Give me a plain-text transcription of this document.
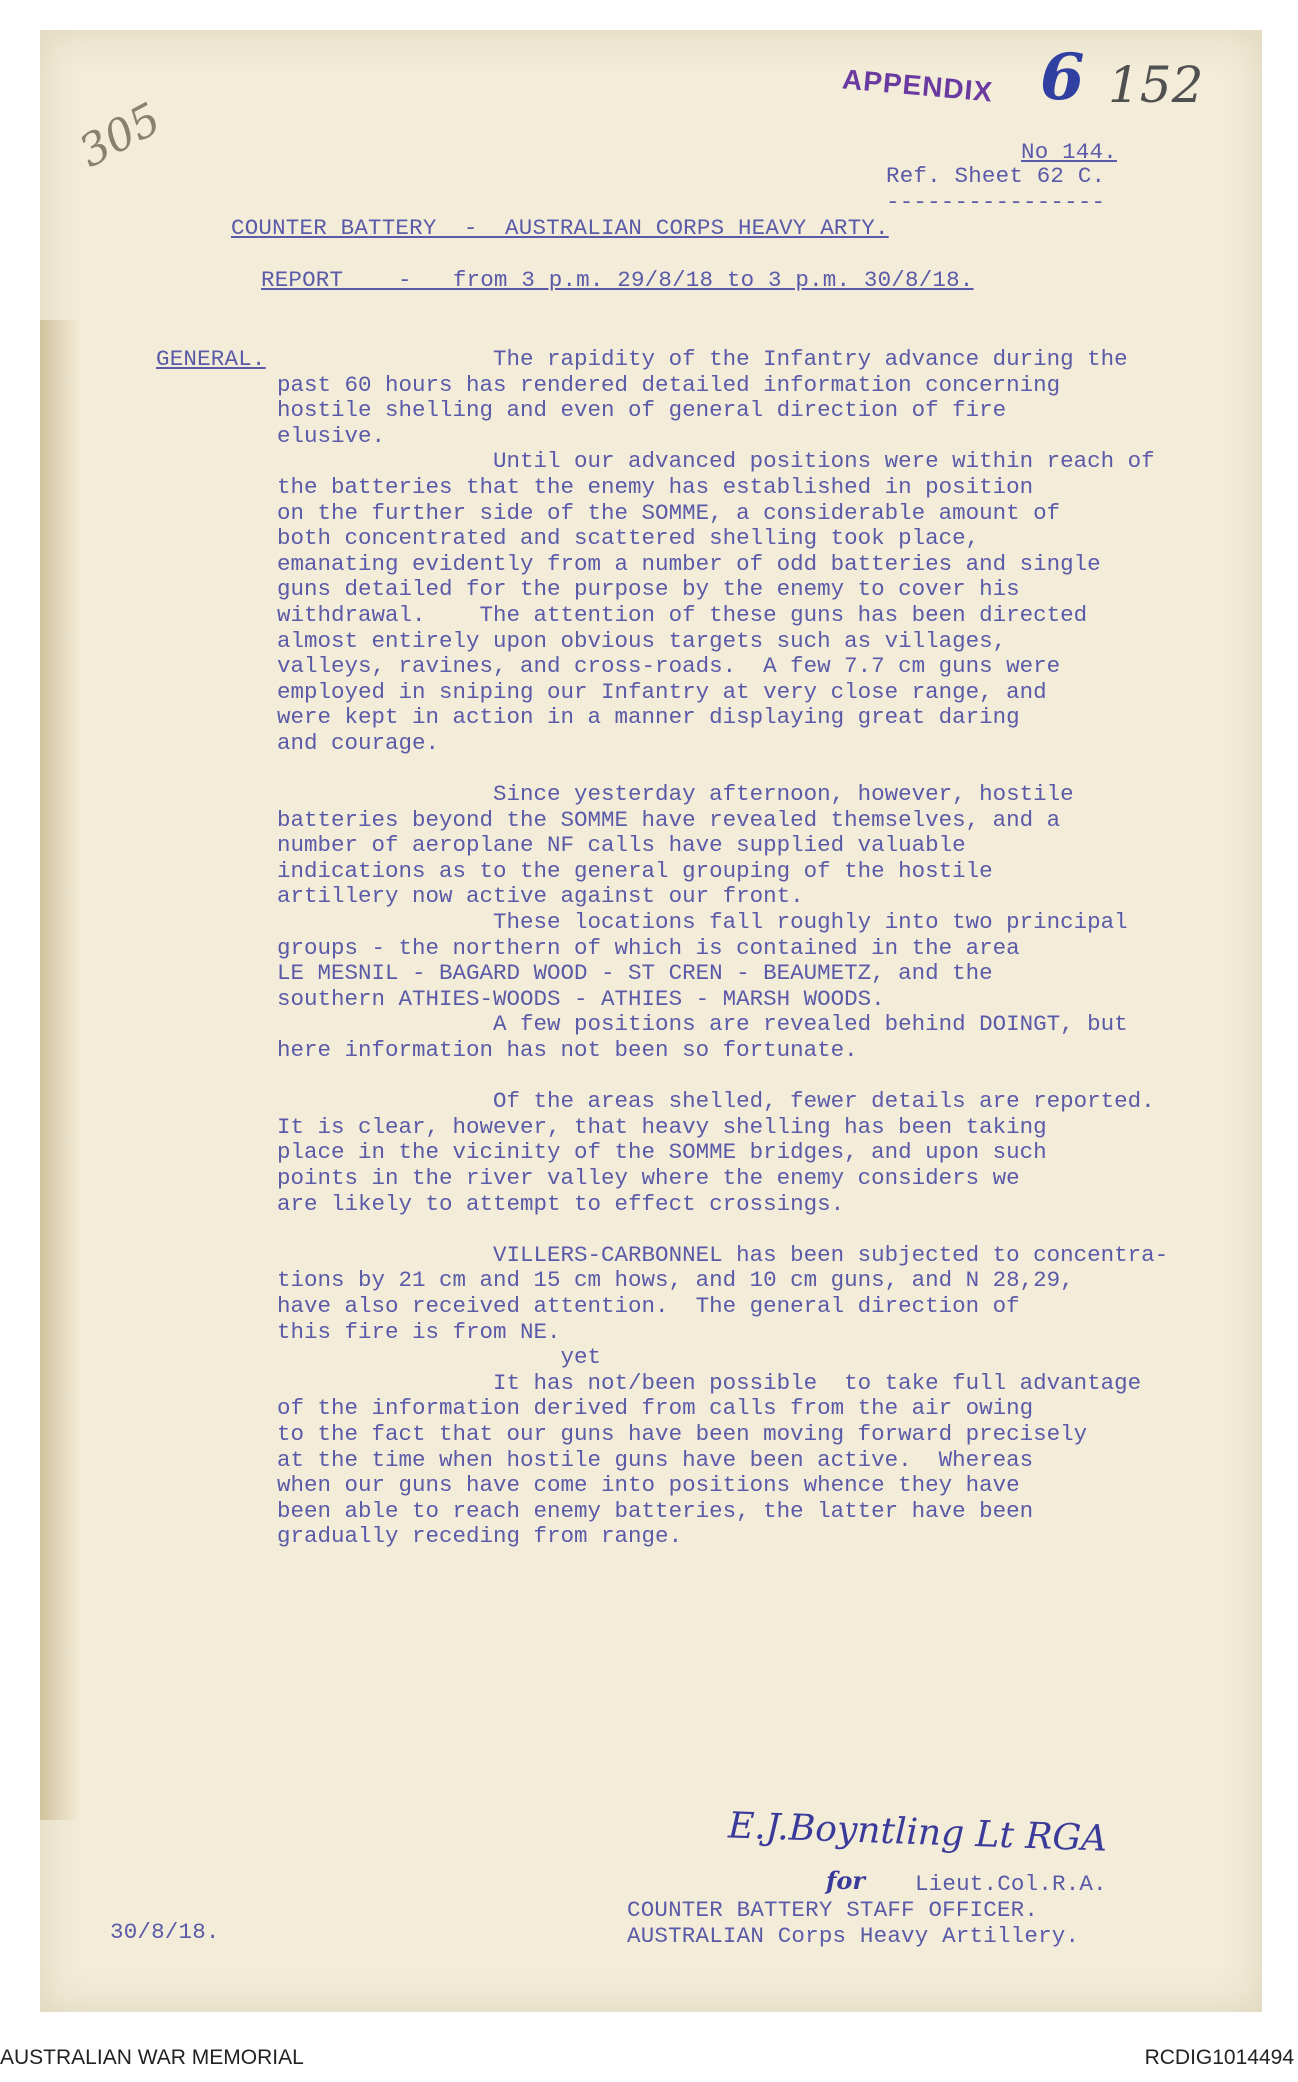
305
APPENDIX 6 152
No 144.
Ref. Sheet 62 C.
----------------
COUNTER BATTERY  -  AUSTRALIAN CORPS HEAVY ARTY.
REPORT    -   from 3 p.m. 29/8/18 to 3 p.m. 30/8/18.
GENERAL. The rapidity of the Infantry advance during the

past 60 hours has rendered detailed information concerning

hostile shelling and even of general direction of fire

elusive.

Until our advanced positions were within reach of

the batteries that the enemy has established in position

on the further side of the SOMME, a considerable amount of

both concentrated and scattered shelling took place,

emanating evidently from a number of odd batteries and single

guns detailed for the purpose by the enemy to cover his

withdrawal.    The attention of these guns has been directed

almost entirely upon obvious targets such as villages,

valleys, ravines, and cross-roads.  A few 7.7 cm guns were

employed in sniping our Infantry at very close range, and

were kept in action in a manner displaying great daring

and courage.

Since yesterday afternoon, however, hostile

batteries beyond the SOMME have revealed themselves, and a

number of aeroplane NF calls have supplied valuable

indications as to the general grouping of the hostile

artillery now active against our front.

These locations fall roughly into two principal

groups - the northern of which is contained in the area

LE MESNIL - BAGARD WOOD - ST CREN - BEAUMETZ, and the

southern ATHIES-WOODS - ATHIES - MARSH WOODS.

A few positions are revealed behind DOINGT, but

here information has not been so fortunate.

Of the areas shelled, fewer details are reported.

It is clear, however, that heavy shelling has been taking

place in the vicinity of the SOMME bridges, and upon such

points in the river valley where the enemy considers we

are likely to attempt to effect crossings.

VILLERS-CARBONNEL has been subjected to concentra-

tions by 21 cm and 15 cm hows, and 10 cm guns, and N 28,29,

have also received attention.  The general direction of

this fire is from NE.

yet

It has not/been possible  to take full advantage

of the information derived from calls from the air owing

to the fact that our guns have been moving forward precisely

at the time when hostile guns have been active.  Whereas

when our guns have come into positions whence they have

been able to reach enemy batteries, the latter have been

gradually receding from range.

E.J.Boyntling Lt RGA
for Lieut.Col.R.A.
COUNTER BATTERY STAFF OFFICER.
AUSTRALIAN Corps Heavy Artillery.
30/8/18.
AUSTRALIAN WAR MEMORIAL	RCDIG1014494
